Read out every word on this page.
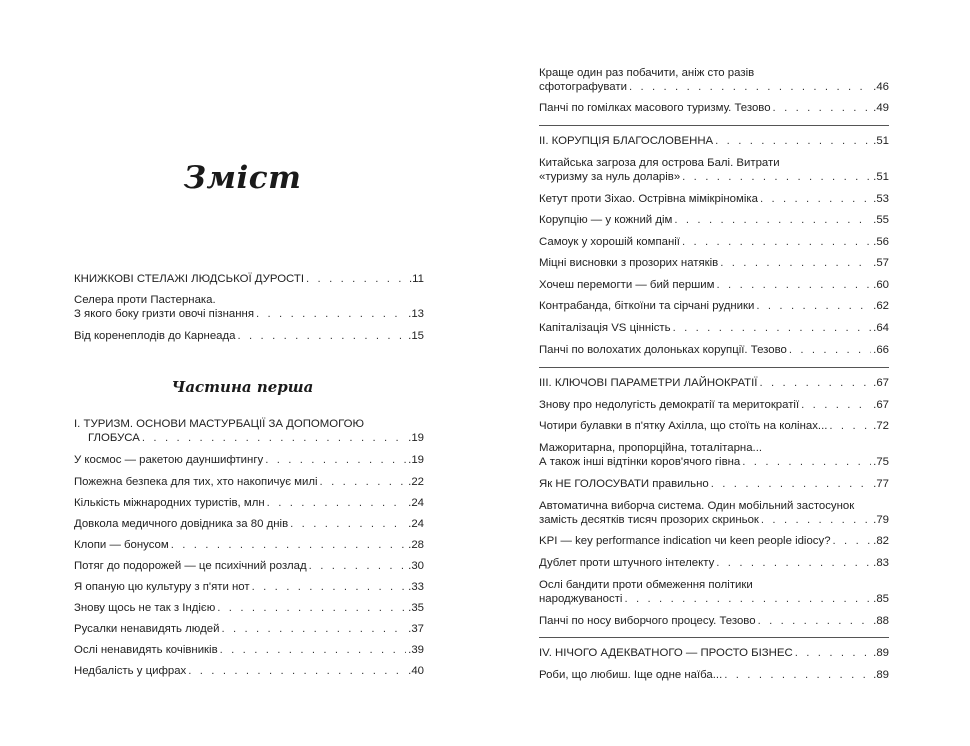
Зміст
Частина перша
КНИЖКОВІ СТЕЛАЖІ ЛЮДСЬКОЇ ДУРОСТІ . . .	.11
Селера проти Пастернака.
З якого боку гризти овочі пізнання . . .	.13
Від коренеплодів до Карнеада . . .	.15
І. ТУРИЗМ. ОСНОВИ МАСТУРБАЦІЇ ЗА ДОПОМОГОЮ
ГЛОБУСА . . .	.19
У космос — ракетою дауншифтингу . . .	.19
Пожежна безпека для тих, хто накопичує милі . . .	.22
Кількість міжнародних туристів, млн . . .	.24
Довкола медичного довідника за 80 днів . . .	.24
Клопи — бонусом . . .	.28
Потяг до подорожей — це психічний розлад . . .	.30
Я опаную цю культуру з п'яти нот . . .	.33
Знову щось не так з Індією . . .	.35
Русалки ненавидять людей . . .	.37
Ослі ненавидять кочівників . . .	.39
Недбалість у цифрах . . .	.40
Краще один раз побачити, аніж сто разів
сфотографувати . . .	.46
Панчі по гомілках масового туризму. Тезово . . .	.49
ІІ. КОРУПЦІЯ БЛАГОСЛОВЕННА . . .	.51
Китайська загроза для острова Балі. Витрати
«туризму за нуль доларів» . . .	.51
Кетут проти Зіхао. Острівна мімікріноміка . . .	.53
Корупцію — у кожний дім . . .	.55
Самоук у хорошій компанії . . .	.56
Міцні висновки з прозорих натяків . . .	.57
Хочеш перемогти — бий першим . . .	.60
Контрабанда, біткоїни та сірчані рудники . . .	.62
Капіталізація VS цінність . . .	.64
Панчі по волохатих долоньках корупції. Тезово . . .	.66
ІІІ. КЛЮЧОВІ ПАРАМЕТРИ ЛАЙНОКРАТІЇ . . .	.67
Знову про недолугість демократії та меритократії . . .	.67
Чотири булавки в п'ятку Ахілла, що стоїть на колінах... . . .	.72
Мажоритарна, пропорційна, тоталітарна...
А також інші відтінки коров'ячого гівна . . .	.75
Як НЕ ГОЛОСУВАТИ правильно . . .	.77
Автоматична виборча система. Один мобільний застосунок
замість десятків тисяч прозорих скриньок . . .	.79
KPI — key performance indication чи keen people idiocy? . . .	.82
Дублет проти штучного інтелекту . . .	.83
Ослі бандити проти обмеження політики
народжуваності . . .	.85
Панчі по носу виборчого процесу. Тезово . . .	.88
IV. НІЧОГО АДЕКВАТНОГО — ПРОСТО БІЗНЕС . . .	.89
Роби, що любиш. Іще одне наїба... . . .	.89
